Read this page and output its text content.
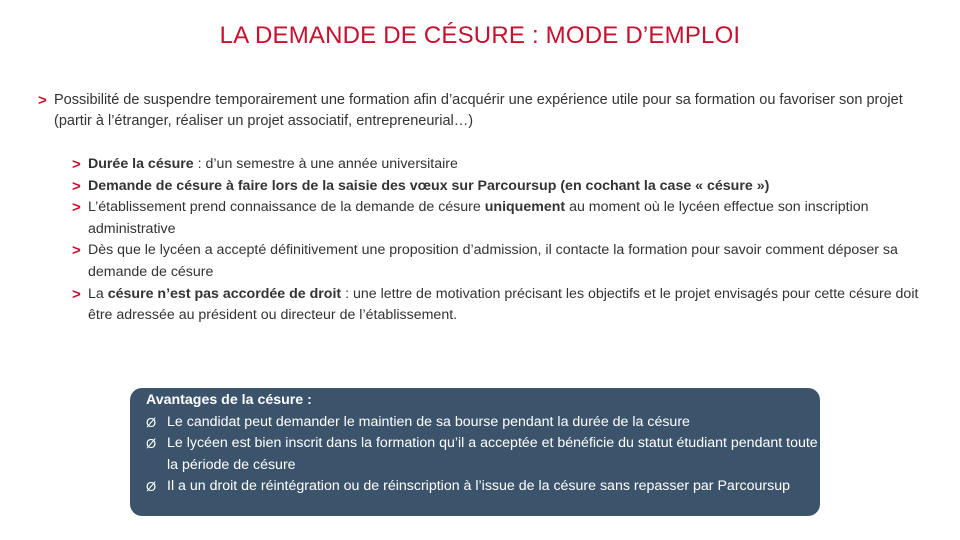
LA DEMANDE DE CÉSURE : MODE D’EMPLOI
> Possibilité de suspendre temporairement une formation afin d’acquérir une expérience utile pour sa formation ou favoriser son projet (partir à l’étranger, réaliser un projet associatif, entrepreneurial…)
> Durée la césure : d’un semestre à une année universitaire
> Demande de césure à faire lors de la saisie des vœux sur Parcoursup (en cochant la case « césure »)
> L’établissement prend connaissance de la demande de césure uniquement au moment où le lycéen effectue son inscription administrative
> Dès que le lycéen a accepté définitivement une proposition d’admission, il contacte la formation pour savoir comment déposer sa demande de césure
> La césure n’est pas accordée de droit : une lettre de motivation précisant les objectifs et le projet envisagés pour cette césure doit être adressée au président ou directeur de l’établissement.
Avantages de la césure :
Ø Le candidat peut demander le maintien de sa bourse pendant la durée de la césure
Ø Le lycéen est bien inscrit dans la formation qu’il a acceptée et bénéficie du statut étudiant pendant toute la période de césure
Ø Il a un droit de réintégration ou de réinscription à l’issue de la césure sans repasser par Parcoursup
